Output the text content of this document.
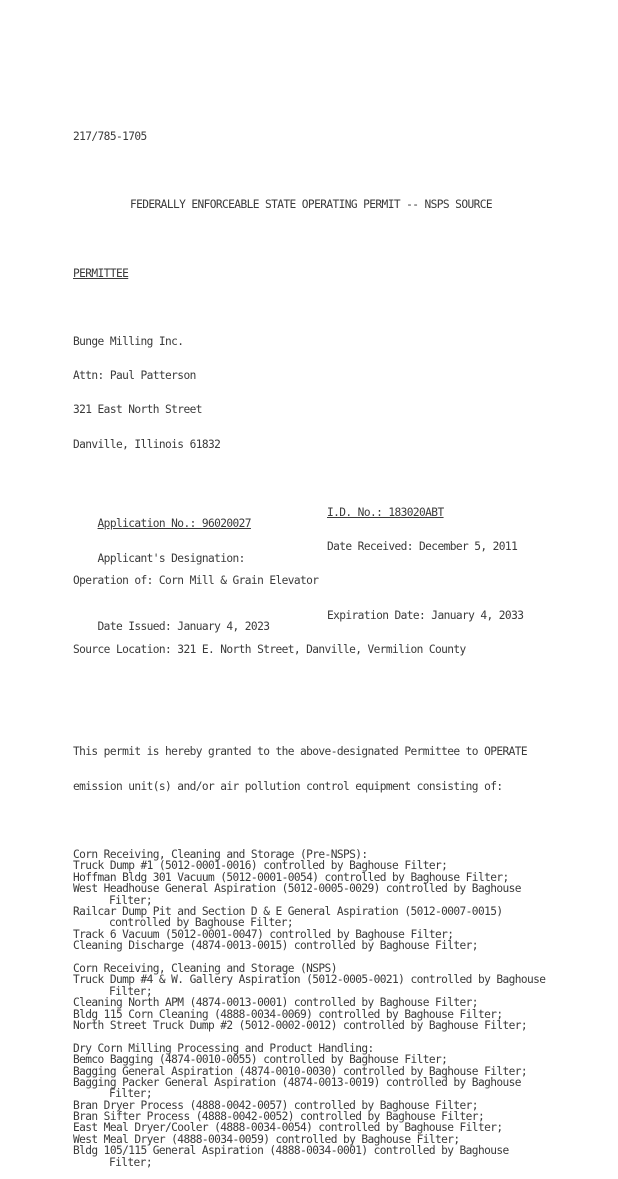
217/785-1705

FEDERALLY ENFORCEABLE STATE OPERATING PERMIT -- NSPS SOURCE

PERMITTEE

Bunge Milling Inc.

Attn: Paul Patterson

321 East North Street

Danville, Illinois 61832

Application No.: 96020027

I.D. No.: 183020ABT

Applicant's Designation:

Date Received: December 5, 2011

Operation of: Corn Mill & Grain Elevator

Date Issued: January 4, 2023

Expiration Date: January 4, 2033

Source Location: 321 E. North Street, Danville, Vermilion County

This permit is hereby granted to the above-designated Permittee to OPERATE

emission unit(s) and/or air pollution control equipment consisting of:

Corn Receiving, Cleaning and Storage (Pre-NSPS):
Truck Dump #1 (5012-0001-0016) controlled by Baghouse Filter;
Hoffman Bldg 301 Vacuum (5012-0001-0054) controlled by Baghouse Filter;
West Headhouse General Aspiration (5012-0005-0029) controlled by Baghouse
Filter;
Railcar Dump Pit and Section D & E General Aspiration (5012-0007-0015)
controlled by Baghouse Filter;
Track 6 Vacuum (5012-0001-0047) controlled by Baghouse Filter;
Cleaning Discharge (4874-0013-0015) controlled by Baghouse Filter;
Corn Receiving, Cleaning and Storage (NSPS)
Truck Dump #4 & W. Gallery Aspiration (5012-0005-0021) controlled by Baghouse
Filter;
Cleaning North APM (4874-0013-0001) controlled by Baghouse Filter;
Bldg 115 Corn Cleaning (4888-0034-0069) controlled by Baghouse Filter;
North Street Truck Dump #2 (5012-0002-0012) controlled by Baghouse Filter;
Dry Corn Milling Processing and Product Handling:
Bemco Bagging (4874-0010-0055) controlled by Baghouse Filter;
Bagging General Aspiration (4874-0010-0030) controlled by Baghouse Filter;
Bagging Packer General Aspiration (4874-0013-0019) controlled by Baghouse
Filter;
Bran Dryer Process (4888-0042-0057) controlled by Baghouse Filter;
Bran Sifter Process (4888-0042-0052) controlled by Baghouse Filter;
East Meal Dryer/Cooler (4888-0034-0054) controlled by Baghouse Filter;
West Meal Dryer (4888-0034-0059) controlled by Baghouse Filter;
Bldg 105/115 General Aspiration (4888-0034-0001) controlled by Baghouse
Filter;
